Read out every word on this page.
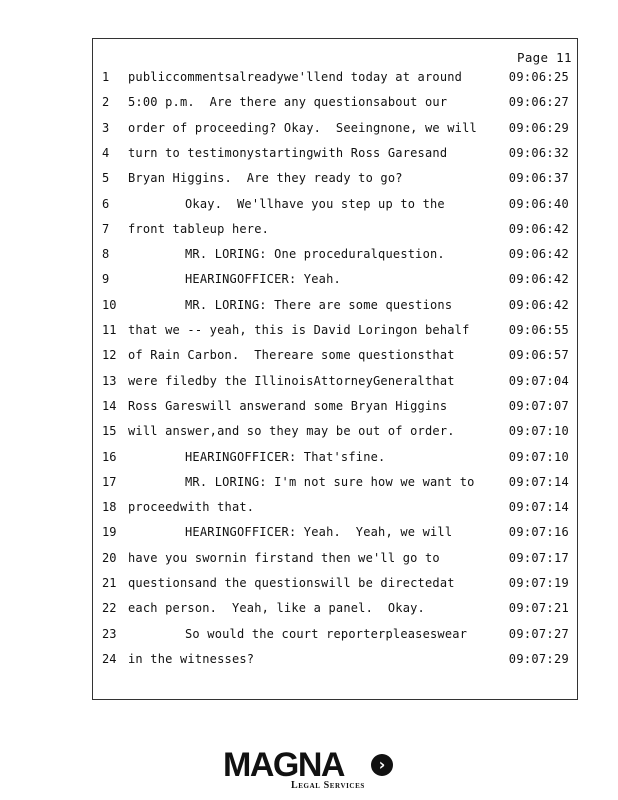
Page 11
1	publiccommentsalreadywe'llend today at around	09:06:25
2	5:00 p.m.  Are there any questionsabout our	09:06:27
3	order of proceeding? Okay.  Seeingnone, we will	09:06:29
4	turn to testimonystartingwith Ross Garesand	09:06:32
5	Bryan Higgins.  Are they ready to go?	09:06:37
6	Okay.  We'llhave you step up to the	09:06:40
7	front tableup here.	09:06:42
8	MR. LORING: One proceduralquestion.	09:06:42
9	HEARINGOFFICER: Yeah.	09:06:42
10	MR. LORING: There are some questions	09:06:42
11 that we -- yeah, this is David Loringon behalf	09:06:55
12 of Rain Carbon.  Thereare some questionsthat	09:06:57
13 were filedby the IllinoisAttorneyGeneralthat	09:07:04
14 Ross Gareswill answerand some Bryan Higgins	09:07:07
15 will answer,and so they may be out of order.	09:07:10
16	HEARINGOFFICER: That'sfine.	09:07:10
17	MR. LORING: I'm not sure how we want to	09:07:14
18 proceedwith that.	09:07:14
19	HEARINGOFFICER: Yeah.  Yeah, we will	09:07:16
20 have you swornin firstand then we'll go to	09:07:17
21 questionsand the questionswill be directedat	09:07:19
22 each person.  Yeah, like a panel.  Okay.	09:07:21
23	So would the court reporterpleaseswear	09:07:27
24 in the witnesses?	09:07:29
MAGNA	›
Legal Services
